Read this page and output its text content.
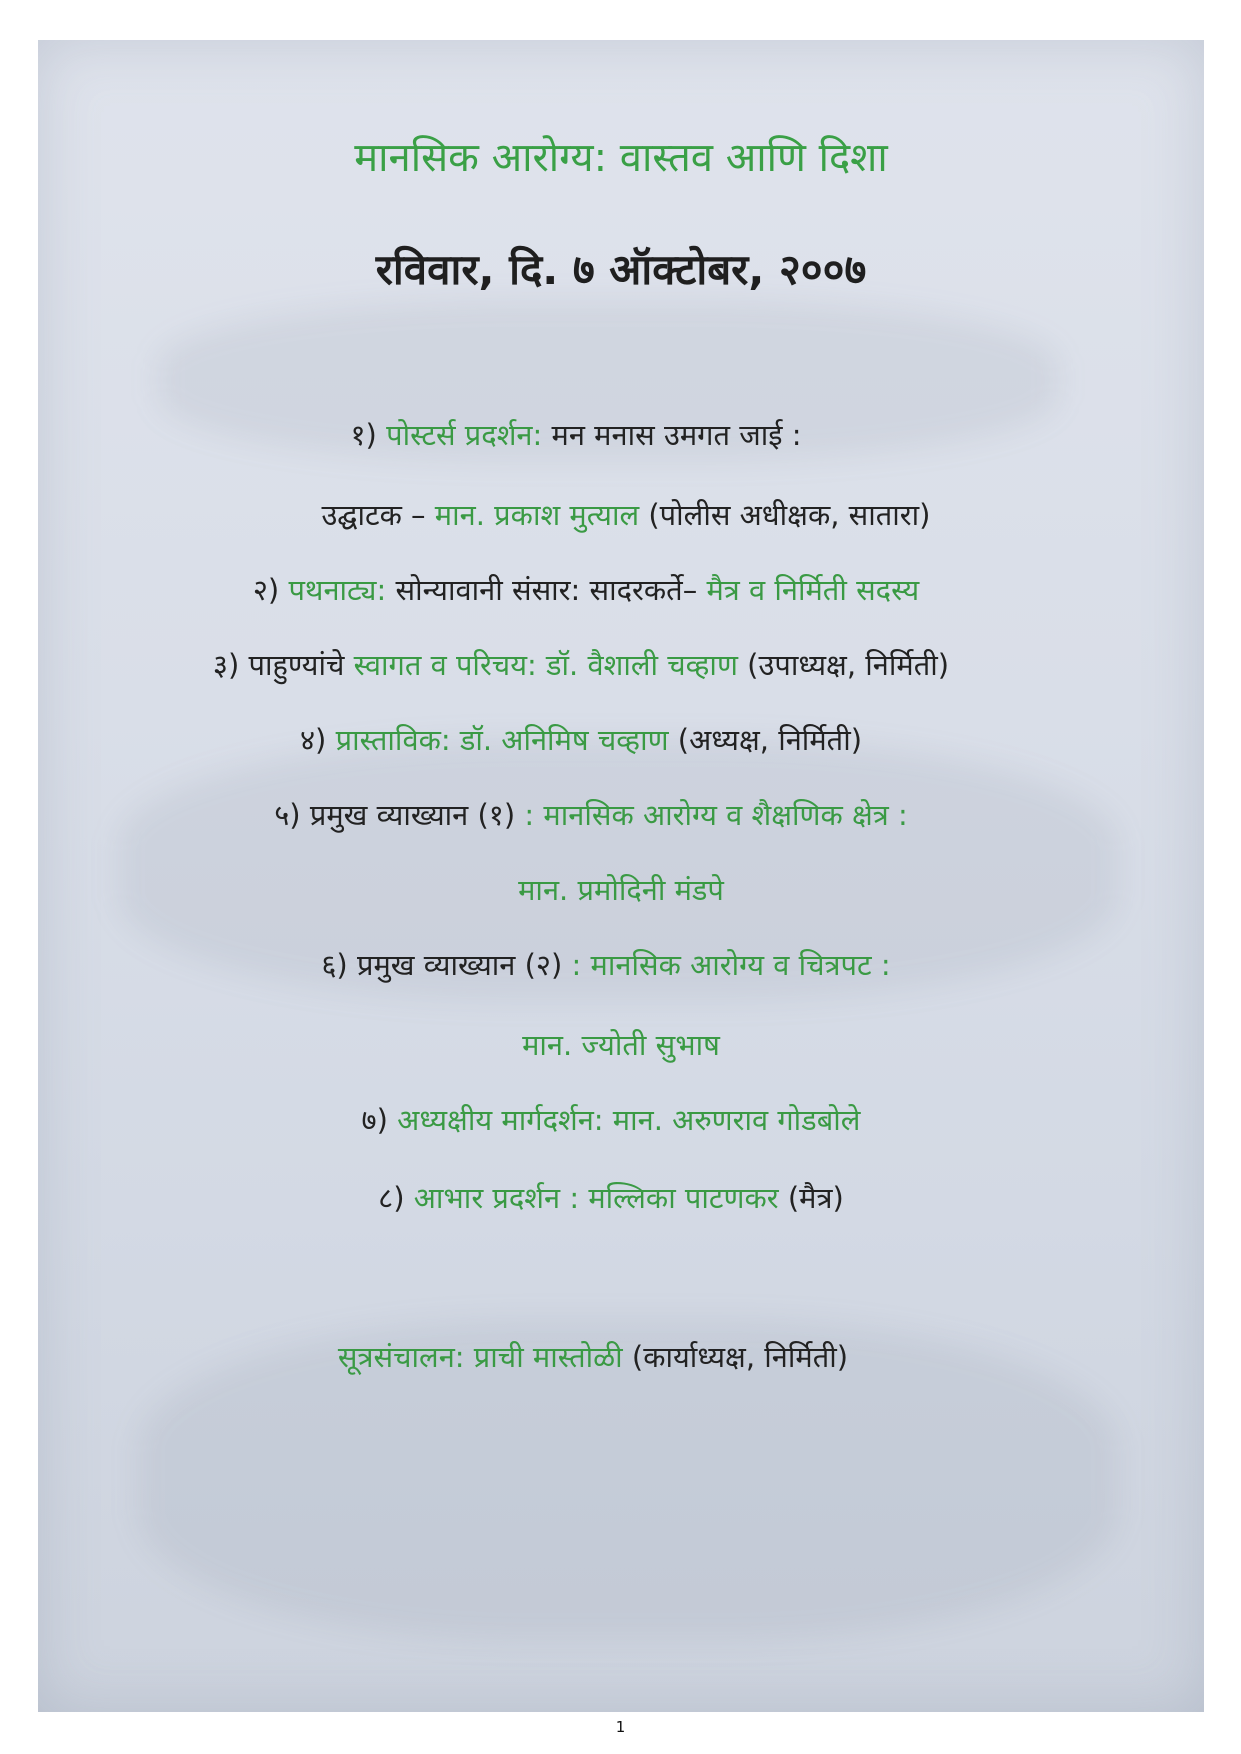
मानसिक आरोग्य: वास्तव आणि दिशा
रविवार, दि. ७ ऑक्टोबर, २००७
१) पोस्टर्स प्रदर्शन: मन मनास उमगत जाई :
उद्घाटक – मान. प्रकाश मुत्याल (पोलीस अधीक्षक, सातारा)
२) पथनाट्य: सोन्यावानी संसार: सादरकर्ते– मैत्र व निर्मिती सदस्य
३) पाहुण्यांचे स्वागत व परिचय: डॉ. वैशाली चव्हाण (उपाध्यक्ष, निर्मिती)
४) प्रास्ताविक: डॉ. अनिमिष चव्हाण (अध्यक्ष, निर्मिती)
५) प्रमुख व्याख्यान (१) : मानसिक आरोग्य व शैक्षणिक क्षेत्र :
मान. प्रमोदिनी मंडपे
६) प्रमुख व्याख्यान (२) : मानसिक आरोग्य व चित्रपट :
मान. ज्योती सुभाष
७) अध्यक्षीय मार्गदर्शन: मान. अरुणराव गोडबोले
८) आभार प्रदर्शन : मल्लिका पाटणकर (मैत्र)
सूत्रसंचालन: प्राची मास्तोळी (कार्याध्यक्ष, निर्मिती)
1
